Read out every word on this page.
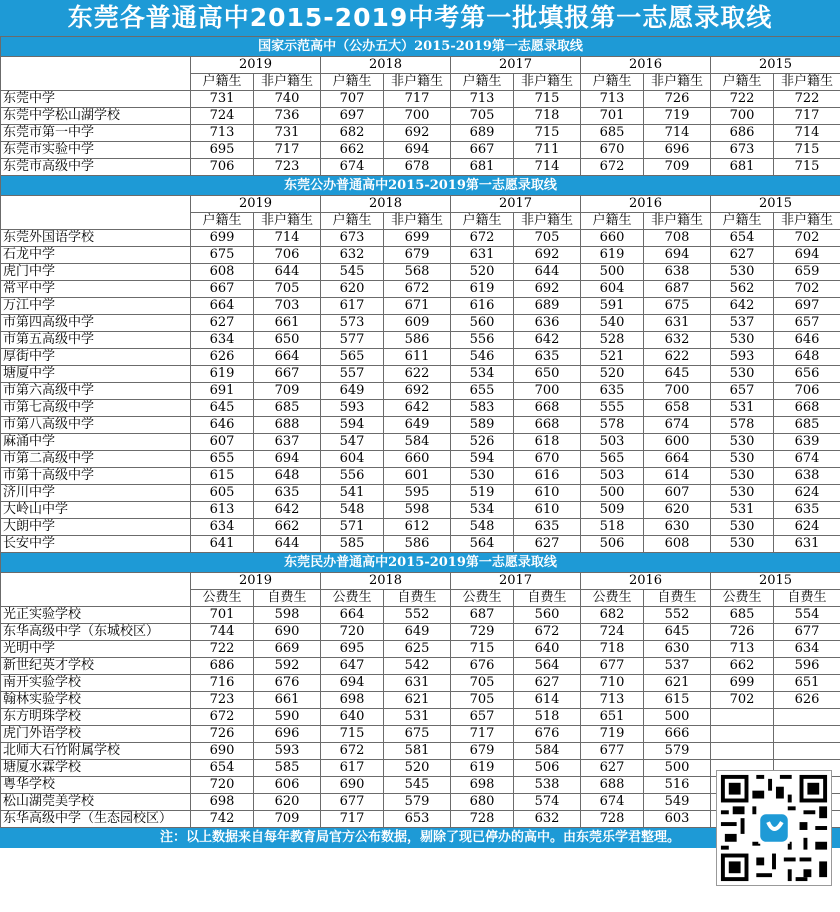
东莞各普通高中2015-2019中考第一批填报第一志愿录取线
国家示范高中（公办五大）2015-2019第一志愿录取线										
	2019		2018		2017		2016		2015	
	户籍生	非户籍生	户籍生	非户籍生	户籍生	非户籍生	户籍生	非户籍生	户籍生	非户籍生
东莞中学	731	740	707	717	713	715	713	726	722	722
东莞中学松山湖学校	724	736	697	700	705	718	701	719	700	717
东莞市第一中学	713	731	682	692	689	715	685	714	686	714
东莞市实验中学	695	717	662	694	667	711	670	696	673	715
东莞市高级中学	706	723	674	678	681	714	672	709	681	715
东莞公办普通高中2015-2019第一志愿录取线										
	2019		2018		2017		2016		2015	
	户籍生	非户籍生	户籍生	非户籍生	户籍生	非户籍生	户籍生	非户籍生	户籍生	非户籍生
东莞外国语学校	699	714	673	699	672	705	660	708	654	702
石龙中学	675	706	632	679	631	692	619	694	627	694
虎门中学	608	644	545	568	520	644	500	638	530	659
常平中学	667	705	620	672	619	692	604	687	562	702
万江中学	664	703	617	671	616	689	591	675	642	697
市第四高级中学	627	661	573	609	560	636	540	631	537	657
市第五高级中学	634	650	577	586	556	642	528	632	530	646
厚街中学	626	664	565	611	546	635	521	622	593	648
塘厦中学	619	667	557	622	534	650	520	645	530	656
市第六高级中学	691	709	649	692	655	700	635	700	657	706
市第七高级中学	645	685	593	642	583	668	555	658	531	668
市第八高级中学	646	688	594	649	589	668	578	674	578	685
麻涌中学	607	637	547	584	526	618	503	600	530	639
市第二高级中学	655	694	604	660	594	670	565	664	530	674
市第十高级中学	615	648	556	601	530	616	503	614	530	638
济川中学	605	635	541	595	519	610	500	607	530	624
大岭山中学	613	642	548	598	534	610	509	620	531	635
大朗中学	634	662	571	612	548	635	518	630	530	624
长安中学	641	644	585	586	564	627	506	608	530	631
东莞民办普通高中2015-2019第一志愿录取线										
	2019		2018		2017		2016		2015	
	公费生	自费生	公费生	自费生	公费生	自费生	公费生	自费生	公费生	自费生
光正实验学校	701	598	664	552	687	560	682	552	685	554
东华高级中学（东城校区）	744	690	720	649	729	672	724	645	726	677
光明中学	722	669	695	625	715	640	718	630	713	634
新世纪英才学校	686	592	647	542	676	564	677	537	662	596
南开实验学校	716	676	694	631	705	627	710	621	699	651
翰林实验学校	723	661	698	621	705	614	713	615	702	626
东方明珠学校	672	590	640	531	657	518	651	500		
虎门外语学校	726	696	715	675	717	676	719	666		
北师大石竹附属学校	690	593	672	581	679	584	677	579		
塘厦水霖学校	654	585	617	520	619	506	627	500		
粤华学校	720	606	690	545	698	538	688	516		
松山湖莞美学校	698	620	677	579	680	574	674	549		
东华高级中学（生态园校区）	742	709	717	653	728	632	728	603		
注：以上数据来自每年教育局官方公布数据，剔除了现已停办的高中。由东莞乐学君整理。
